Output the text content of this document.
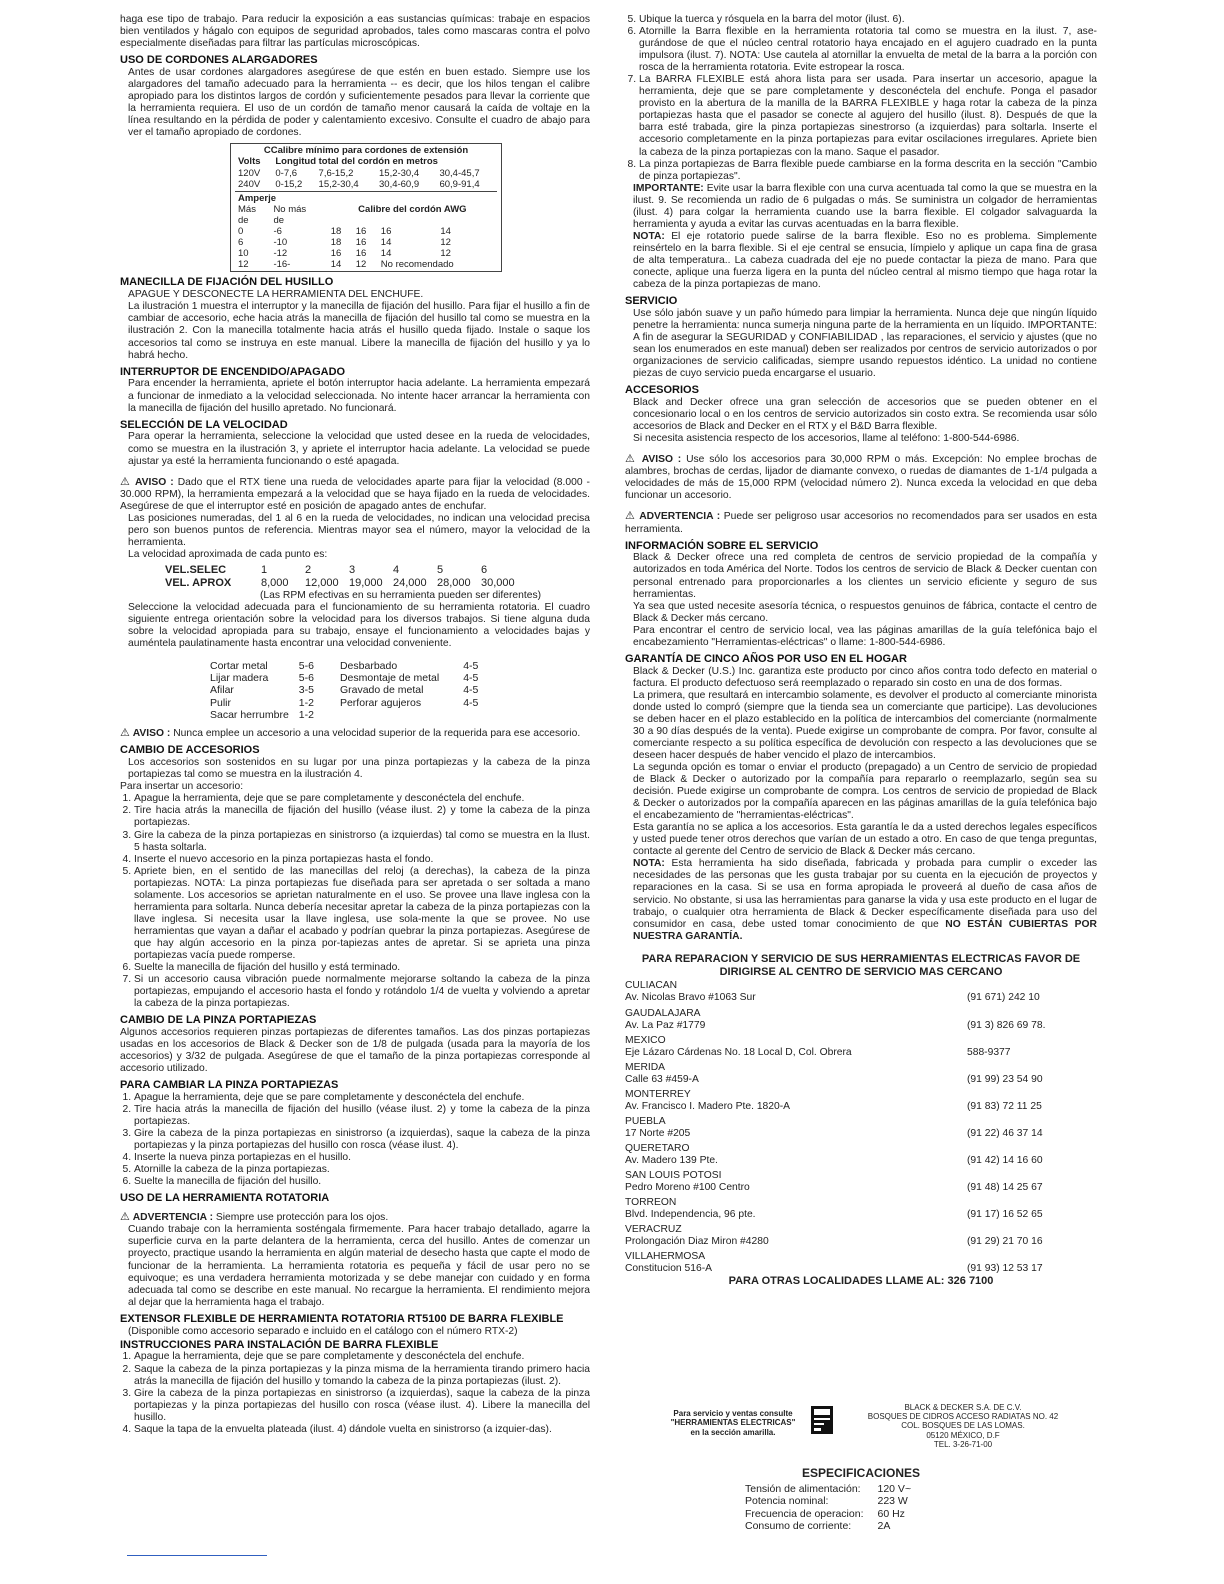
haga ese tipo de trabajo. Para reducir la exposición a eas sustancias químicas: trabaje en espacios bien ventilados y hágalo con equipos de seguridad aprobados, tales como mascaras contra el polvo especialmente diseñadas para filtrar las partículas microscópicas.

USO DE CORDONES ALARGADORES

Antes de usar cordones alargadores asegúrese de que estén en buen estado. Siempre use los alargadores del tamaño adecuado para la herramienta -- es decir, que los hilos tengan el calibre apropiado para los distintos largos de cordón y suficientemente pesados para llevar la corriente que la herramienta requiera. El uso de un cordón de tamaño menor causará la caída de voltaje en la línea resultando en la pérdida de poder y calentamiento excesivo. Consulte el cuadro de abajo para ver el tamaño apropiado de cordones.

CCalibre mínimo para cordones de extensión
Volts	Longitud total del cordón en metros			
120V	0-7,6	7,6-15,2	15,2-30,4	30,4-45,7
240V	0-15,2	15,2-30,4	30,4-60,9	60,9-91,4
Amperje					
Más	No más	Calibre del cordón AWG			
de	de				
0	-6	18	16	16	14
6	-10	18	16	14	12
10	-12	16	16	14	12
12	-16-	14	12	No recomendado	
MANECILLA DE FIJACIÓN DEL HUSILLO

APAGUE Y DESCONECTE LA HERRAMIENTA DEL ENCHUFE.

La ilustración 1 muestra el interruptor y la manecilla de fijación del husillo. Para fijar el husillo a fin de cambiar de accesorio, eche hacia atrás la manecilla de fijación del husillo tal como se muestra en la ilustración 2. Con la manecilla totalmente hacia atrás el husillo queda fijado. Instale o saque los accesorios tal como se instruya en este manual. Libere la manecilla de fijación del husillo y ya lo habrá hecho.

INTERRUPTOR DE ENCENDIDO/APAGADO

Para encender la herramienta, apriete el botón interruptor hacia adelante. La herramienta empezará a funcionar de inmediato a la velocidad seleccionada. No intente hacer arrancar la herramienta con la manecilla de fijación del husillo apretado. No funcionará.

SELECCIÓN DE LA VELOCIDAD

Para operar la herramienta, seleccione la velocidad que usted desee en la rueda de velocidades, como se muestra en la ilustración 3, y apriete el interruptor hacia adelante. La velocidad se puede ajustar ya esté la herramienta funcionando o esté apagada.

⚠ AVISO : Dado que el RTX tiene una rueda de velocidades aparte para fijar la velocidad (8.000 - 30.000 RPM), la herramienta empezará a la velocidad que se haya fijado en la rueda de velocidades. Asegúrese de que el interruptor esté en posición de apagado antes de enchufar.

Las posiciones numeradas, del 1 al 6 en la rueda de velocidades, no indican una velocidad precisa pero son buenos puntos de referencia. Mientras mayor sea el número, mayor la velocidad de la herramienta.

La velocidad aproximada de cada punto es:

VEL.SELEC	1	2	3	4	5	6
VEL. APROX	8,000	12,000	19,000	24,000	28,000	30,000

(Las RPM efectivas en su herramienta pueden ser diferentes)

Seleccione la velocidad adecuada para el funcionamiento de su herramienta rotatoria. El cuadro siguiente entrega orientación sobre la velocidad para los diversos trabajos. Si tiene alguna duda sobre la velocidad apropiada para su trabajo, ensaye el funcionamiento a velocidades bajas y auméntela paulatinamente hasta encontrar una velocidad conveniente.

Cortar metal	5-6	Desbarbado	4-5
Lijar madera	5-6	Desmontaje de metal	4-5
Afilar	3-5	Gravado de metal	4-5
Pulir	1-2	Perforar agujeros	4-5
Sacar herrumbre	1-2		

⚠ AVISO : Nunca emplee un accesorio a una velocidad superior de la requerida para ese accesorio.

CAMBIO DE ACCESORIOS

Los accesorios son sostenidos en su lugar por una pinza portapiezas y la cabeza de la pinza portapiezas tal como se muestra en la ilustración 4.

Para insertar un accesorio:

1. Apague la herramienta, deje que se pare completamente y desconéctela del enchufe.
2. Tire hacia atrás la manecilla de fijación del husillo (véase ilust. 2) y tome la cabeza de la pinza portapiezas.
3. Gire la cabeza de la pinza portapiezas en sinistrorso (a izquierdas) tal como se muestra en la Ilust. 5 hasta soltarla.
4. Inserte el nuevo accesorio en la pinza portapiezas hasta el fondo.
5. Apriete bien, en el sentido de las manecillas del reloj (a derechas), la cabeza de la pinza portapiezas. NOTA: La pinza portapiezas fue diseñada para ser apretada o ser soltada a mano solamente. Los accesorios se aprietan naturalmente en el uso. Se provee una llave inglesa con la herramienta para soltarla. Nunca debería necesitar apretar la cabeza de la pinza portapiezas con la llave inglesa. Si necesita usar la llave inglesa, use sola-mente la que se provee. No use herramientas que vayan a dañar el acabado y podrían quebrar la pinza portapiezas. Asegúrese de que hay algún accesorio en la pinza por-tapiezas antes de apretar. Si se aprieta una pinza portapiezas vacía puede romperse.
6. Suelte la manecilla de fijación del husillo y está terminado.
7. Si un accesorio causa vibración puede normalmente mejorarse soltando la cabeza de la pinza portapiezas, empujando el accesorio hasta el fondo y rotándolo 1/4 de vuelta y volviendo a apretar la cabeza de la pinza portapiezas.
CAMBIO DE LA PINZA PORTAPIEZAS

Algunos accesorios requieren pinzas portapiezas de diferentes tamaños. Las dos pinzas portapiezas usadas en los accesorios de Black & Decker son de 1/8 de pulgada (usada para la mayoría de los accesorios) y 3/32 de pulgada. Asegúrese de que el tamaño de la pinza portapiezas corresponde al accesorio utilizado.

PARA CAMBIAR LA PINZA PORTAPIEZAS
1. Apague la herramienta, deje que se pare completamente y desconéctela del enchufe.
2. Tire hacia atrás la manecilla de fijación del husillo (véase ilust. 2) y tome la cabeza de la pinza portapiezas.
3. Gire la cabeza de la pinza portapiezas en sinistrorso (a izquierdas), saque la cabeza de la pinza portapiezas y la pinza portapiezas del husillo con rosca (véase ilust. 4).
4. Inserte la nueva pinza portapiezas en el husillo.
5. Atornille la cabeza de la pinza portapiezas.
6. Suelte la manecilla de fijación del husillo.
USO DE LA HERRAMIENTA ROTATORIA

⚠ ADVERTENCIA : Siempre use protección para los ojos.

Cuando trabaje con la herramienta sosténgala firmemente. Para hacer trabajo detallado, agarre la superficie curva en la parte delantera de la herramienta, cerca del husillo. Antes de comenzar un proyecto, practique usando la herramienta en algún material de desecho hasta que capte el modo de funcionar de la herramienta. La herramienta rotatoria es pequeña y fácil de usar pero no se equivoque; es una verdadera herramienta motorizada y se debe manejar con cuidado y en forma adecuada tal como se describe en este manual. No recargue la herramienta. El rendimiento mejora al dejar que la herramienta haga el trabajo.

EXTENSOR FLEXIBLE DE HERRAMIENTA ROTATORIA RT5100 DE BARRA FLEXIBLE

(Disponible como accesorio separado e incluido en el catálogo con el número RTX-2)

INSTRUCCIONES PARA INSTALACIÓN DE BARRA FLEXIBLE
1. Apague la herramienta, deje que se pare completamente y desconéctela del enchufe.
2. Saque la cabeza de la pinza portapiezas y la pinza misma de la herramienta tirando primero hacia atrás la manecilla de fijación del husillo y tomando la cabeza de la pinza portapiezas (ilust. 2).
3. Gire la cabeza de la pinza portapiezas en sinistrorso (a izquierdas), saque la cabeza de la pinza portapiezas y la pinza portapiezas del husillo con rosca (véase ilust. 4). Libere la manecilla del husillo.
4. Saque la tapa de la envuelta plateada (ilust. 4) dándole vuelta en sinistrorso (a izquier-das).
5. Ubique la tuerca y rósquela en la barra del motor (ilust. 6).
6. Atornille la Barra flexible en la herramienta rotatoria tal como se muestra en la ilust. 7, ase-gurándose de que el núcleo central rotatorio haya encajado en el agujero cuadrado en la punta impulsora (ilust. 7). NOTA: Use cautela al atornillar la envuelta de metal de la barra a la porción con rosca de la herramienta rotatoria. Evite estropear la rosca.
7. La BARRA FLEXIBLE está ahora lista para ser usada. Para insertar un accesorio, apague la herramienta, deje que se pare completamente y desconéctela del enchufe. Ponga el pasador provisto en la abertura de la manilla de la BARRA FLEXIBLE y haga rotar la cabeza de la pinza portapiezas hasta que el pasador se conecte al agujero del husillo (ilust. 8). Después de que la barra esté trabada, gire la pinza portapiezas sinestrorso (a izquierdas) para soltarla. Inserte el accesorio completamente en la pinza portapiezas para evitar oscilaciones irregulares. Apriete bien la cabeza de la pinza portapiezas con la mano. Saque el pasador.
8. La pinza portapiezas de Barra flexible puede cambiarse en la forma descrita en la sección "Cambio de pinza portapiezas".

IMPORTANTE: Evite usar la barra flexible con una curva acentuada tal como la que se muestra en la ilust. 9. Se recomienda un radio de 6 pulgadas o más. Se suministra un colgador de herramientas (ilust. 4) para colgar la herramienta cuando use la barra flexible. El colgador salvaguarda la herramienta y ayuda a evitar las curvas acentuadas en la barra flexible.

NOTA: El eje rotatorio puede salirse de la barra flexible. Eso no es problema. Simplemente reinsértelo en la barra flexible. Si el eje central se ensucia, límpielo y aplique un capa fina de grasa de alta temperatura.. La cabeza cuadrada del eje no puede contactar la pieza de mano. Para que conecte, aplique una fuerza ligera en la punta del núcleo central al mismo tiempo que haga rotar la cabeza de la pinza portapiezas de mano.

SERVICIO

Use sólo jabón suave y un paño húmedo para limpiar la herramienta. Nunca deje que ningún líquido penetre la herramienta: nunca sumerja ninguna parte de la herramienta en un líquido. IMPORTANTE: A fin de asegurar la SEGURIDAD y CONFIABILIDAD , las reparaciones, el servicio y ajustes (que no sean los enumerados en este manual) deben ser realizados por centros de servicio autorizados o por organizaciones de servicio calificadas, siempre usando repuestos idéntico. La unidad no contiene piezas de cuyo servicio pueda encargarse el usuario.

ACCESORIOS

Black and Decker ofrece una gran selección de accesorios que se pueden obtener en el concesionario local o en los centros de servicio autorizados sin costo extra. Se recomienda usar sólo accesorios de Black and Decker en el RTX y el B&D Barra flexible.

Si necesita asistencia respecto de los accesorios, llame al teléfono: 1-800-544-6986.

⚠ AVISO : Use sólo los accesorios para 30,000 RPM o más. Excepción: No emplee brochas de alambres, brochas de cerdas, lijador de diamante convexo, o ruedas de diamantes de 1-1/4 pulgada a velocidades de más de 15,000 RPM (velocidad número 2). Nunca exceda la velocidad en que deba funcionar un accesorio.

⚠ ADVERTENCIA : Puede ser peligroso usar accesorios no recomendados para ser usados en esta herramienta.

INFORMACIÓN SOBRE EL SERVICIO

Black & Decker ofrece una red completa de centros de servicio propiedad de la compañía y autorizados en toda América del Norte. Todos los centros de servicio de Black & Decker cuentan con personal entrenado para proporcionarles a los clientes un servicio eficiente y seguro de sus herramientas.

Ya sea que usted necesite asesoría técnica, o respuestos genuinos de fábrica, contacte el centro de Black & Decker más cercano.

Para encontrar el centro de servicio local, vea las páginas amarillas de la guía telefónica bajo el encabezamiento "Herramientas-eléctricas" o llame: 1-800-544-6986.

GARANTÍA DE CINCO AÑOS POR USO EN EL HOGAR

Black & Decker (U.S.) Inc. garantiza este producto por cinco años contra todo defecto en material o factura. El producto defectuoso será reemplazado o reparado sin costo en una de dos formas.

La primera, que resultará en intercambio solamente, es devolver el producto al comerciante minorista donde usted lo compró (siempre que la tienda sea un comerciante que participe). Las devoluciones se deben hacer en el plazo establecido en la política de intercambios del comerciante (normalmente 30 a 90 días después de la venta). Puede exigirse un comprobante de compra. Por favor, consulte al comerciante respecto a su política específica de devolución con respecto a las devoluciones que se deseen hacer después de haber vencido el plazo de intercambios.

La segunda opción es tomar o enviar el producto (prepagado) a un Centro de servicio de propiedad de Black & Decker o autorizado por la compañía para repararlo o reemplazarlo, según sea su decisión. Puede exigirse un comprobante de compra. Los centros de servicio de propiedad de Black & Decker o autorizados por la compañía aparecen en las páginas amarillas de la guía telefónica bajo el encabezamiento de "herramientas-eléctricas".

Esta garantía no se aplica a los accesorios. Esta garantía le da a usted derechos legales específicos y usted puede tener otros derechos que varían de un estado a otro. En caso de que tenga preguntas, contacte al gerente del Centro de servicio de Black & Decker más cercano.

NOTA: Esta herramienta ha sido diseñada, fabricada y probada para cumplir o exceder las necesidades de las personas que les gusta trabajar por su cuenta en la ejecución de proyectos y reparaciones en la casa. Si se usa en forma apropiada le proveerá al dueño de casa años de servicio. No obstante, si usa las herramientas para ganarse la vida y usa este producto en el lugar de trabajo, o cualquier otra herramienta de Black & Decker específicamente diseñada para uso del consumidor en casa, debe usted tomar conocimiento de que NO ESTÁN CUBIERTAS POR NUESTRA GARANTÍA.

PARA REPARACION Y SERVICIO DE SUS HERRAMIENTAS ELECTRICAS FAVOR DE DIRIGIRSE AL CENTRO DE SERVICIO MAS CERCANO
CULIACAN	
Av. Nicolas Bravo #1063 Sur	(91 671) 242 10
GAUDALAJARA	
Av. La Paz #1779	(91 3) 826 69 78.
MEXICO	
Eje Lázaro Cárdenas No. 18 Local D, Col. Obrera	588-9377
MERIDA	
Calle 63 #459-A	(91 99) 23 54 90
MONTERREY	
Av. Francisco I. Madero Pte. 1820-A	(91 83) 72 11 25
PUEBLA	
17 Norte #205	(91 22) 46 37 14
QUERETARO	
Av. Madero 139 Pte.	(91 42) 14 16 60
SAN LOUIS POTOSI	
Pedro Moreno #100 Centro	(91 48) 14 25 67
TORREON	
Blvd. Independencia, 96 pte.	(91 17) 16 52 65
VERACRUZ	
Prolongación Diaz Miron #4280	(91 29) 21 70 16
VILLAHERMOSA	
Constitucion 516-A	(91 93) 12 53 17
PARA OTRAS LOCALIDADES LLAME AL: 326 7100
Para servicio y ventas consulte "HERRAMIENTAS ELECTRICAS" en la sección amarilla.
BLACK & DECKER S.A. DE C.V.
BOSQUES DE CIDROS ACCESO RADIATAS NO. 42
COL. BOSQUES DE LAS LOMAS.
05120 MÉXICO, D.F
TEL. 3-26-71-00
ESPECIFICACIONES
Tensión de alimentación:	120 V~
Potencia nominal:	223 W
Frecuencia de operacion:	60 Hz
Consumo de corriente:	2A
